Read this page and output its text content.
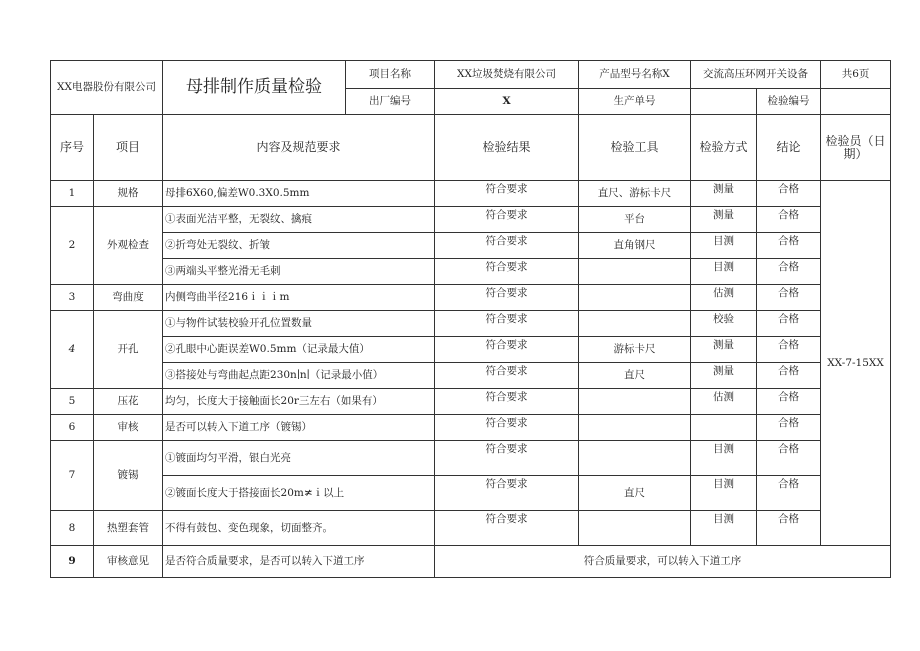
XX电器股份有限公司		母排制作质量检验	项目名称	XX垃圾焚烧有限公司	产品型号名称X	交流高压环网开关设备		共6页	
			出厂编号	X	生产单号		检验编号		
序号	项目	内容及规范要求		检验结果	检验工具	检验方式	结论	检验员（日期）	
1	规格	母排6X60,偏差W0.3X0.5mm		符合要求	直尺、游标卡尺	测量	合格	XX-7-15XX	
2	外观检查	①表面光洁平整，无裂纹、擒痕		符合要求	平台	测量	合格		
		②折弯处无裂纹、折皱		符合要求	直角钢尺	目测	合格		
		③两端头平整光滑无毛刺		符合要求		目测	合格		
3	弯曲度	内侧弯曲半径216ｉｉｉm		符合要求		估测	合格		
4	开孔	①与物件试装校验开孔位置数量		符合要求		校验	合格		
		②孔眼中心距误差W0.5mm（记录最大值）		符合要求	游标卡尺	测量	合格		
		③搭接处与弯曲起点距230n∣n∣（记录最小值）		符合要求	直尺	测量	合格		
5	压花	均匀，长度大于接触面长20r三左右（如果有）		符合要求		估测	合格		
6	审核	是否可以转入下道工序（镀锡）		符合要求			合格		
7	镀锡	①镀面均匀平滑，银白光亮		符合要求		目测	合格	
		②镀面长度大于搭接面长20m≭ｉ以上		符合要求	直尺	目测	合格		
8	热塑套管	不得有鼓包、变色现象，切面整齐。		符合要求		目测	合格		
9	审核意见	是否符合质量要求，是否可以转入下道工序		符合质量要求，可以转入下道工序					
